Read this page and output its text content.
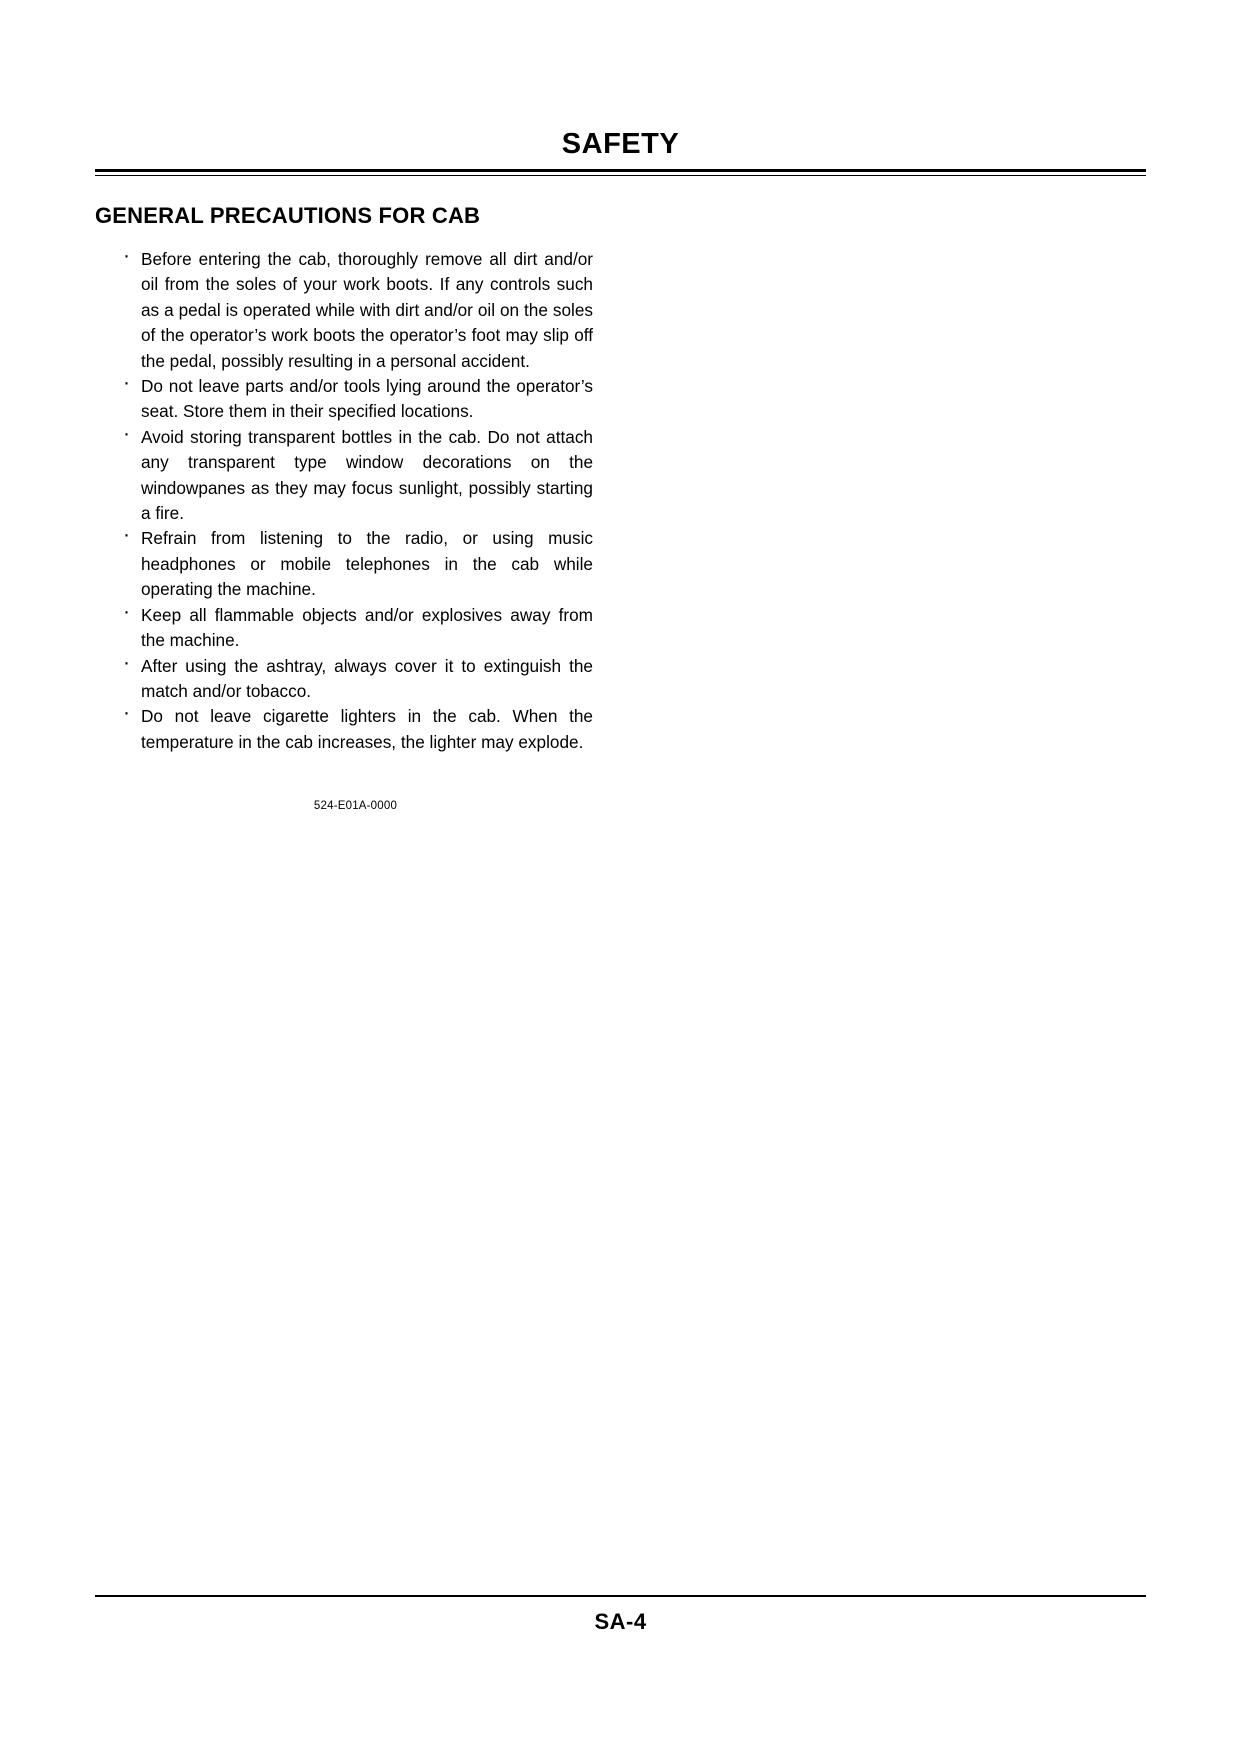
SAFETY
GENERAL PRECAUTIONS FOR CAB
· Before entering the cab, thoroughly remove all dirt and/or oil from the soles of your work boots. If any controls such as a pedal is operated while with dirt and/or oil on the soles of the operator’s work boots the operator’s foot may slip off the pedal, possibly resulting in a personal accident.
· Do not leave parts and/or tools lying around the operator’s seat. Store them in their specified locations.
· Avoid storing transparent bottles in the cab. Do not attach any transparent type window decorations on the windowpanes as they may focus sunlight, possibly starting a fire.
· Refrain from listening to the radio, or using music headphones or mobile telephones in the cab while operating the machine.
· Keep all flammable objects and/or explosives away from the machine.
· After using the ashtray, always cover it to extinguish the match and/or tobacco.
· Do not leave cigarette lighters in the cab. When the temperature in the cab increases, the lighter may explode.
524-E01A-0000
SA-4
